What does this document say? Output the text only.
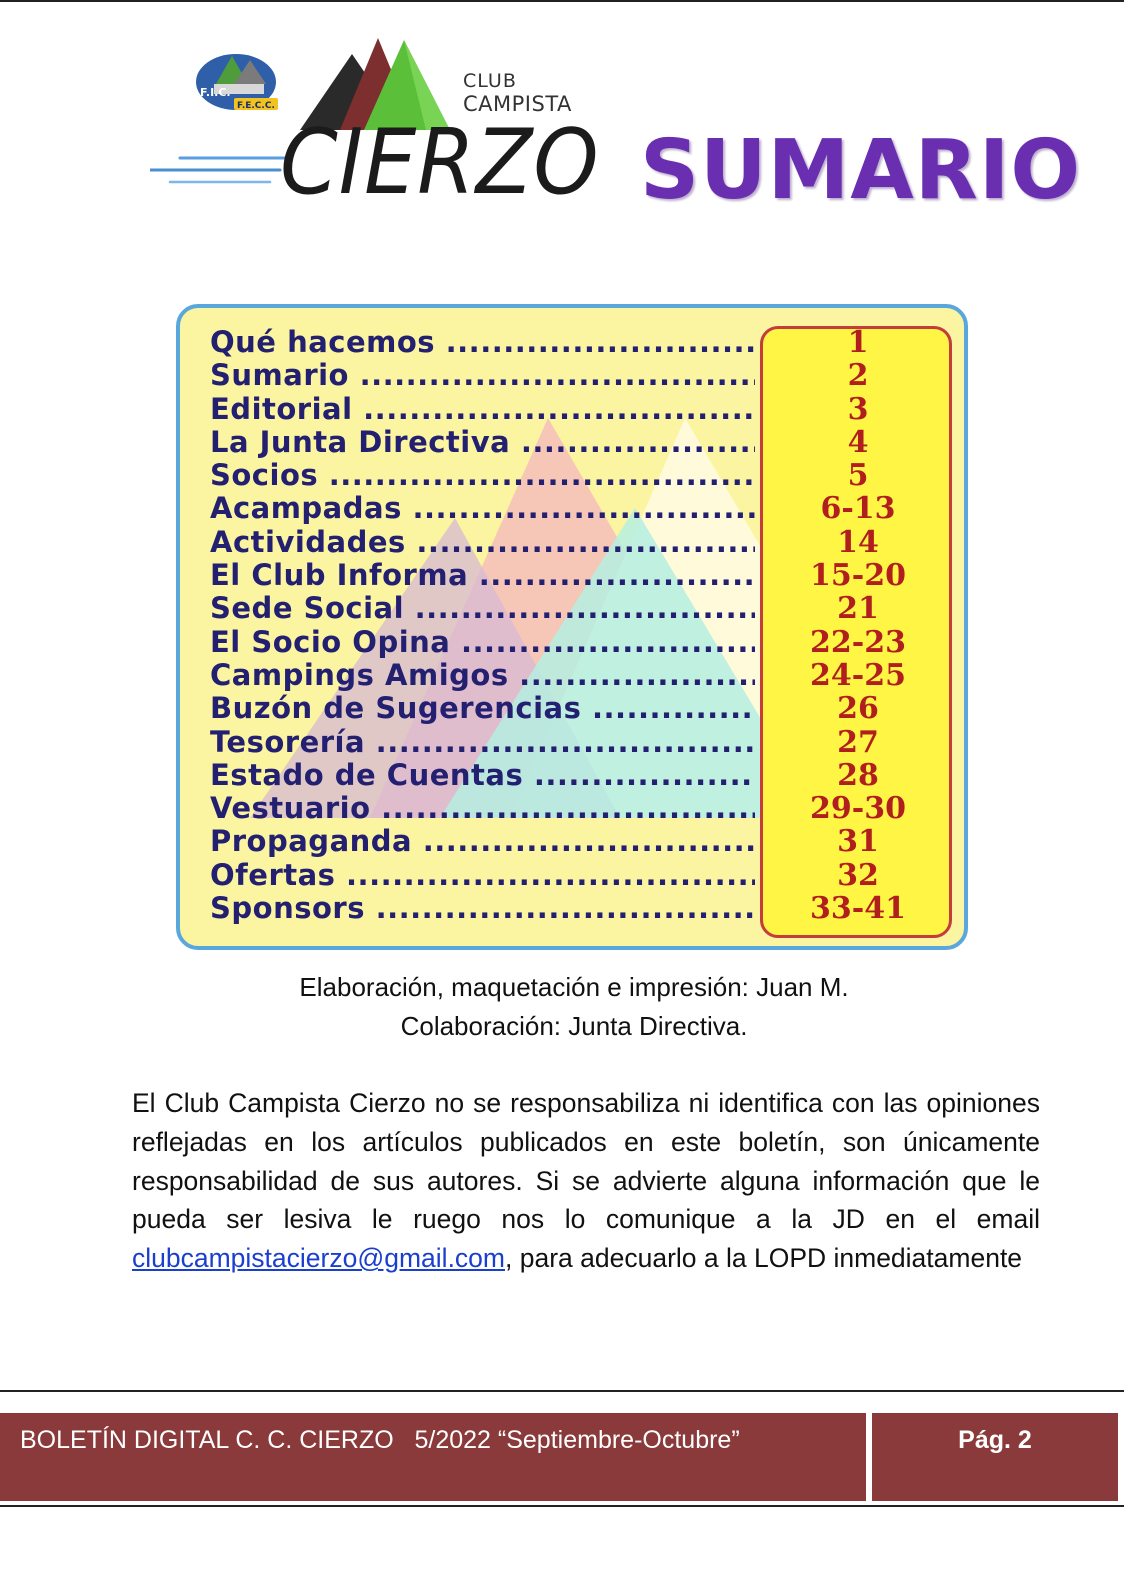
F.I.C.
F.E.C.C.
CLUB
CAMPISTA
CIERZO SUMARIO
Qué hacemos .....	1
Sumario .....	2
Editorial .....	3
La Junta Directiva .....	4
Socios .....	5
Acampadas .....	6-13
Actividades .....	14
El Club Informa .....	15-20
Sede Social .....	21
El Socio Opina .....	22-23
Campings Amigos .....	24-25
Buzón de Sugerencias .....	26
Tesorería .....	27
Estado de Cuentas .....	28
Vestuario .....	29-30
Propaganda .....	31
Ofertas .....	32
Sponsors .....	33-41
Elaboración, maquetación e impresión: Juan M.
Colaboración: Junta Directiva.

El Club Campista Cierzo no se responsabiliza ni identifica con las opiniones reflejadas en los artículos publicados en este boletín, son únicamente responsabilidad de sus autores. Si se advierte alguna información que le pueda ser lesiva le ruego nos lo comunique a la JD en el email clubcampistacierzo@gmail.com, para adecuarlo a la LOPD inmediatamente

BOLETÍN DIGITAL C. C. CIERZO   5/2022 “Septiembre-Octubre”	Pág. 2
